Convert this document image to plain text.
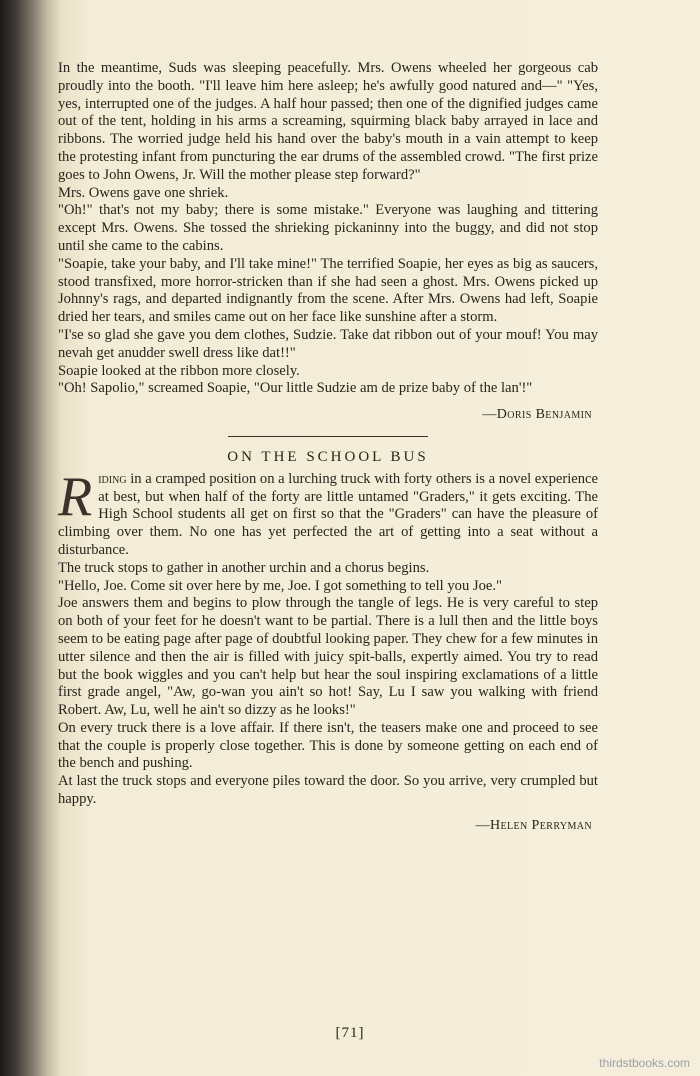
In the meantime, Suds was sleeping peacefully. Mrs. Owens wheeled her gorgeous cab proudly into the booth. "I'll leave him here asleep; he's awfully good natured and—" "Yes, yes, interrupted one of the judges. A half hour passed; then one of the dignified judges came out of the tent, holding in his arms a screaming, squirming black baby arrayed in lace and ribbons. The worried judge held his hand over the baby's mouth in a vain attempt to keep the protesting infant from puncturing the ear drums of the assembled crowd. "The first prize goes to John Owens, Jr. Will the mother please step forward?"

Mrs. Owens gave one shriek.

"Oh!" that's not my baby; there is some mistake." Everyone was laughing and tittering except Mrs. Owens. She tossed the shrieking pickaninny into the buggy, and did not stop until she came to the cabins.

"Soapie, take your baby, and I'll take mine!" The terrified Soapie, her eyes as big as saucers, stood transfixed, more horror-stricken than if she had seen a ghost. Mrs. Owens picked up Johnny's rags, and departed indignantly from the scene. After Mrs. Owens had left, Soapie dried her tears, and smiles came out on her face like sunshine after a storm.

"I'se so glad she gave you dem clothes, Sudzie. Take dat ribbon out of your mouf! You may nevah get anudder swell dress like dat!!"

Soapie looked at the ribbon more closely.

"Oh! Sapolio," screamed Soapie, "Our little Sudzie am de prize baby of the lan'!"

—Doris Benjamin

ON THE SCHOOL BUS

Riding in a cramped position on a lurching truck with forty others is a novel experience at best, but when half of the forty are little untamed "Graders," it gets exciting. The High School students all get on first so that the "Graders" can have the pleasure of climbing over them. No one has yet perfected the art of getting into a seat without a disturbance.

The truck stops to gather in another urchin and a chorus begins.

"Hello, Joe. Come sit over here by me, Joe. I got something to tell you Joe."

Joe answers them and begins to plow through the tangle of legs. He is very careful to step on both of your feet for he doesn't want to be partial. There is a lull then and the little boys seem to be eating page after page of doubtful looking paper. They chew for a few minutes in utter silence and then the air is filled with juicy spit-balls, expertly aimed. You try to read but the book wiggles and you can't help but hear the soul inspiring exclamations of a little first grade angel, "Aw, go-wan you ain't so hot! Say, Lu I saw you walking with friend Robert. Aw, Lu, well he ain't so dizzy as he looks!"

On every truck there is a love affair. If there isn't, the teasers make one and proceed to see that the couple is properly close together. This is done by someone getting on each end of the bench and pushing.

At last the truck stops and everyone piles toward the door. So you arrive, very crumpled but happy.

—Helen Perryman

[71]
thirdstbooks.com
